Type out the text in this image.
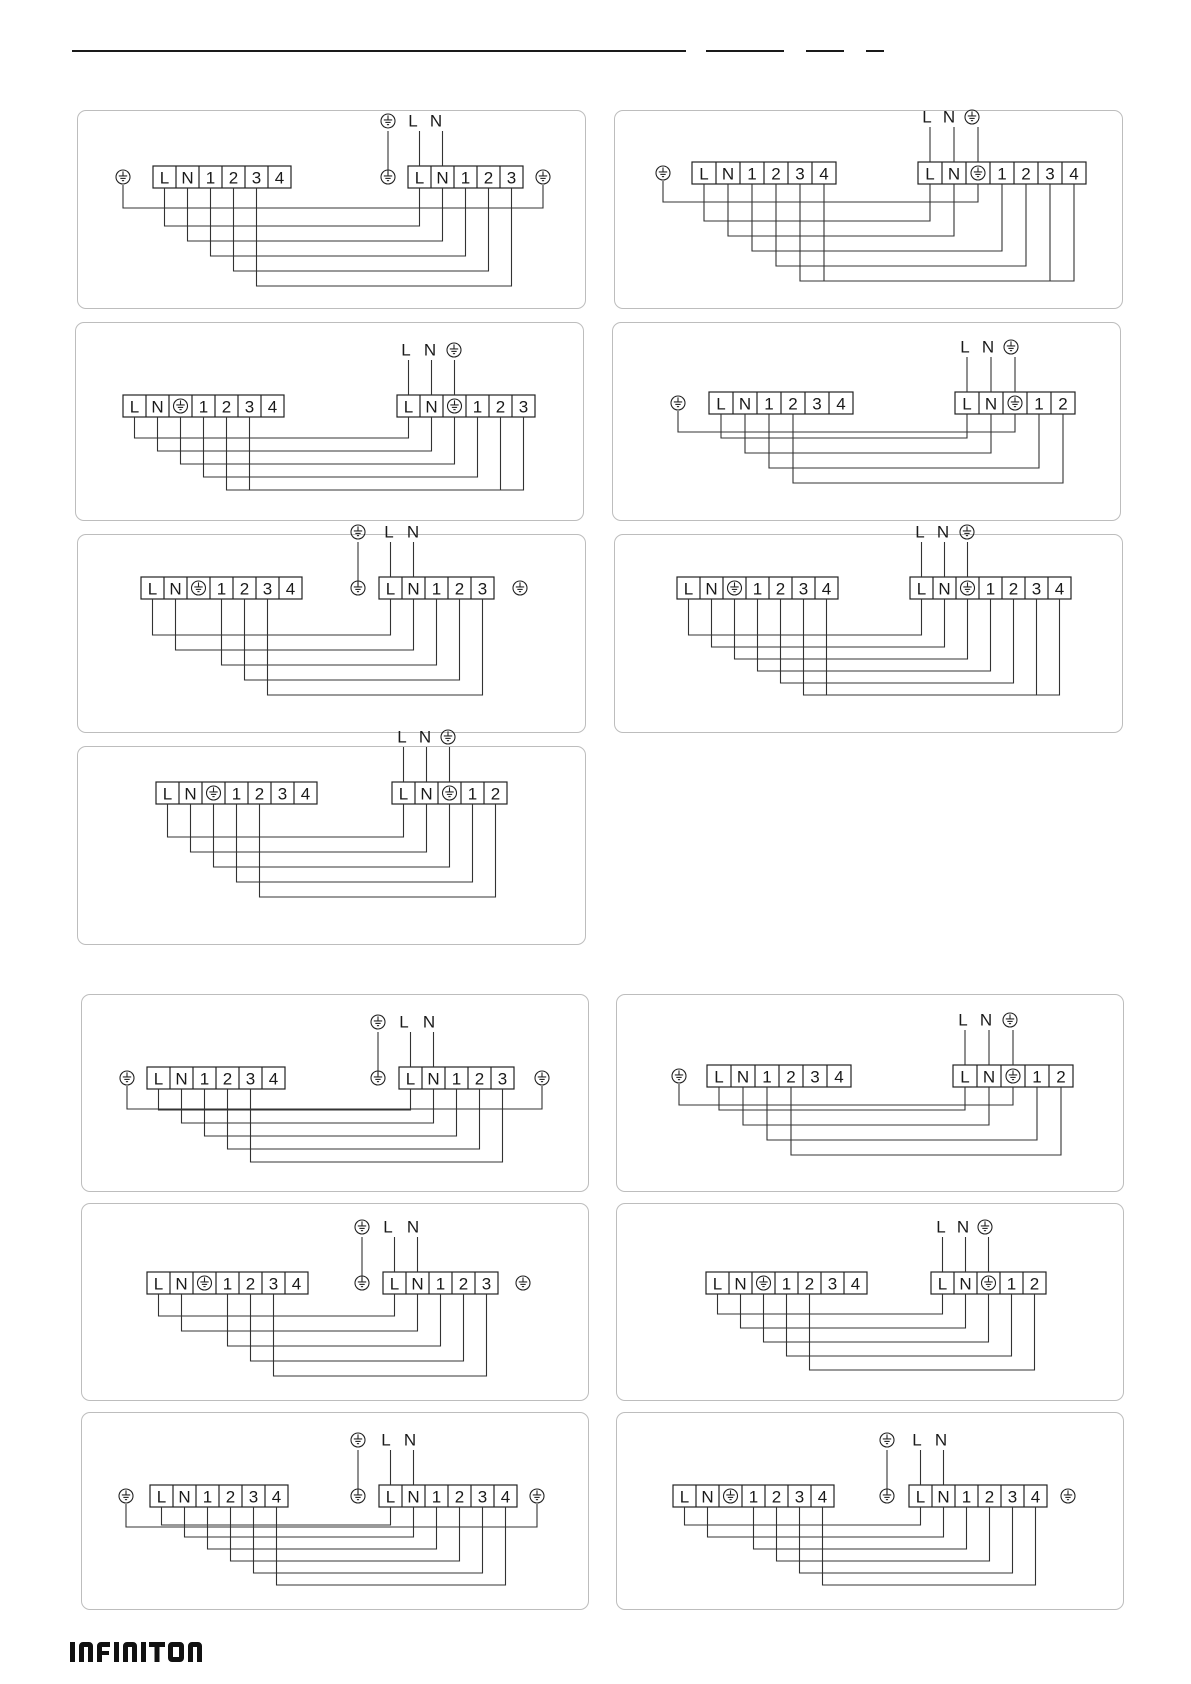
L N 1 2 3 4	L N 1 2 3
L N
L N 1 2 3 4	L N 1 2 3 4
L N
L N 1 2 3 4	L N 1 2 3
L N
L N 1 2 3 4	L N 1 2
L N
L N 1 2 3 4	L N 1 2 3
L N
L N 1 2 3 4	L N 1 2 3 4
L N
L N 1 2 3 4	L N 1 2
L N
L N 1 2 3 4	L N 1 2 3
L N
L N 1 2 3 4	L N 1 2
L N
L N 1 2 3 4	L N 1 2 3
L N
L N 1 2 3 4	L N 1 2
L N
L N 1 2 3 4	L N 1 2 3 4
L N
L N 1 2 3 4	L N 1 2 3 4
L N
